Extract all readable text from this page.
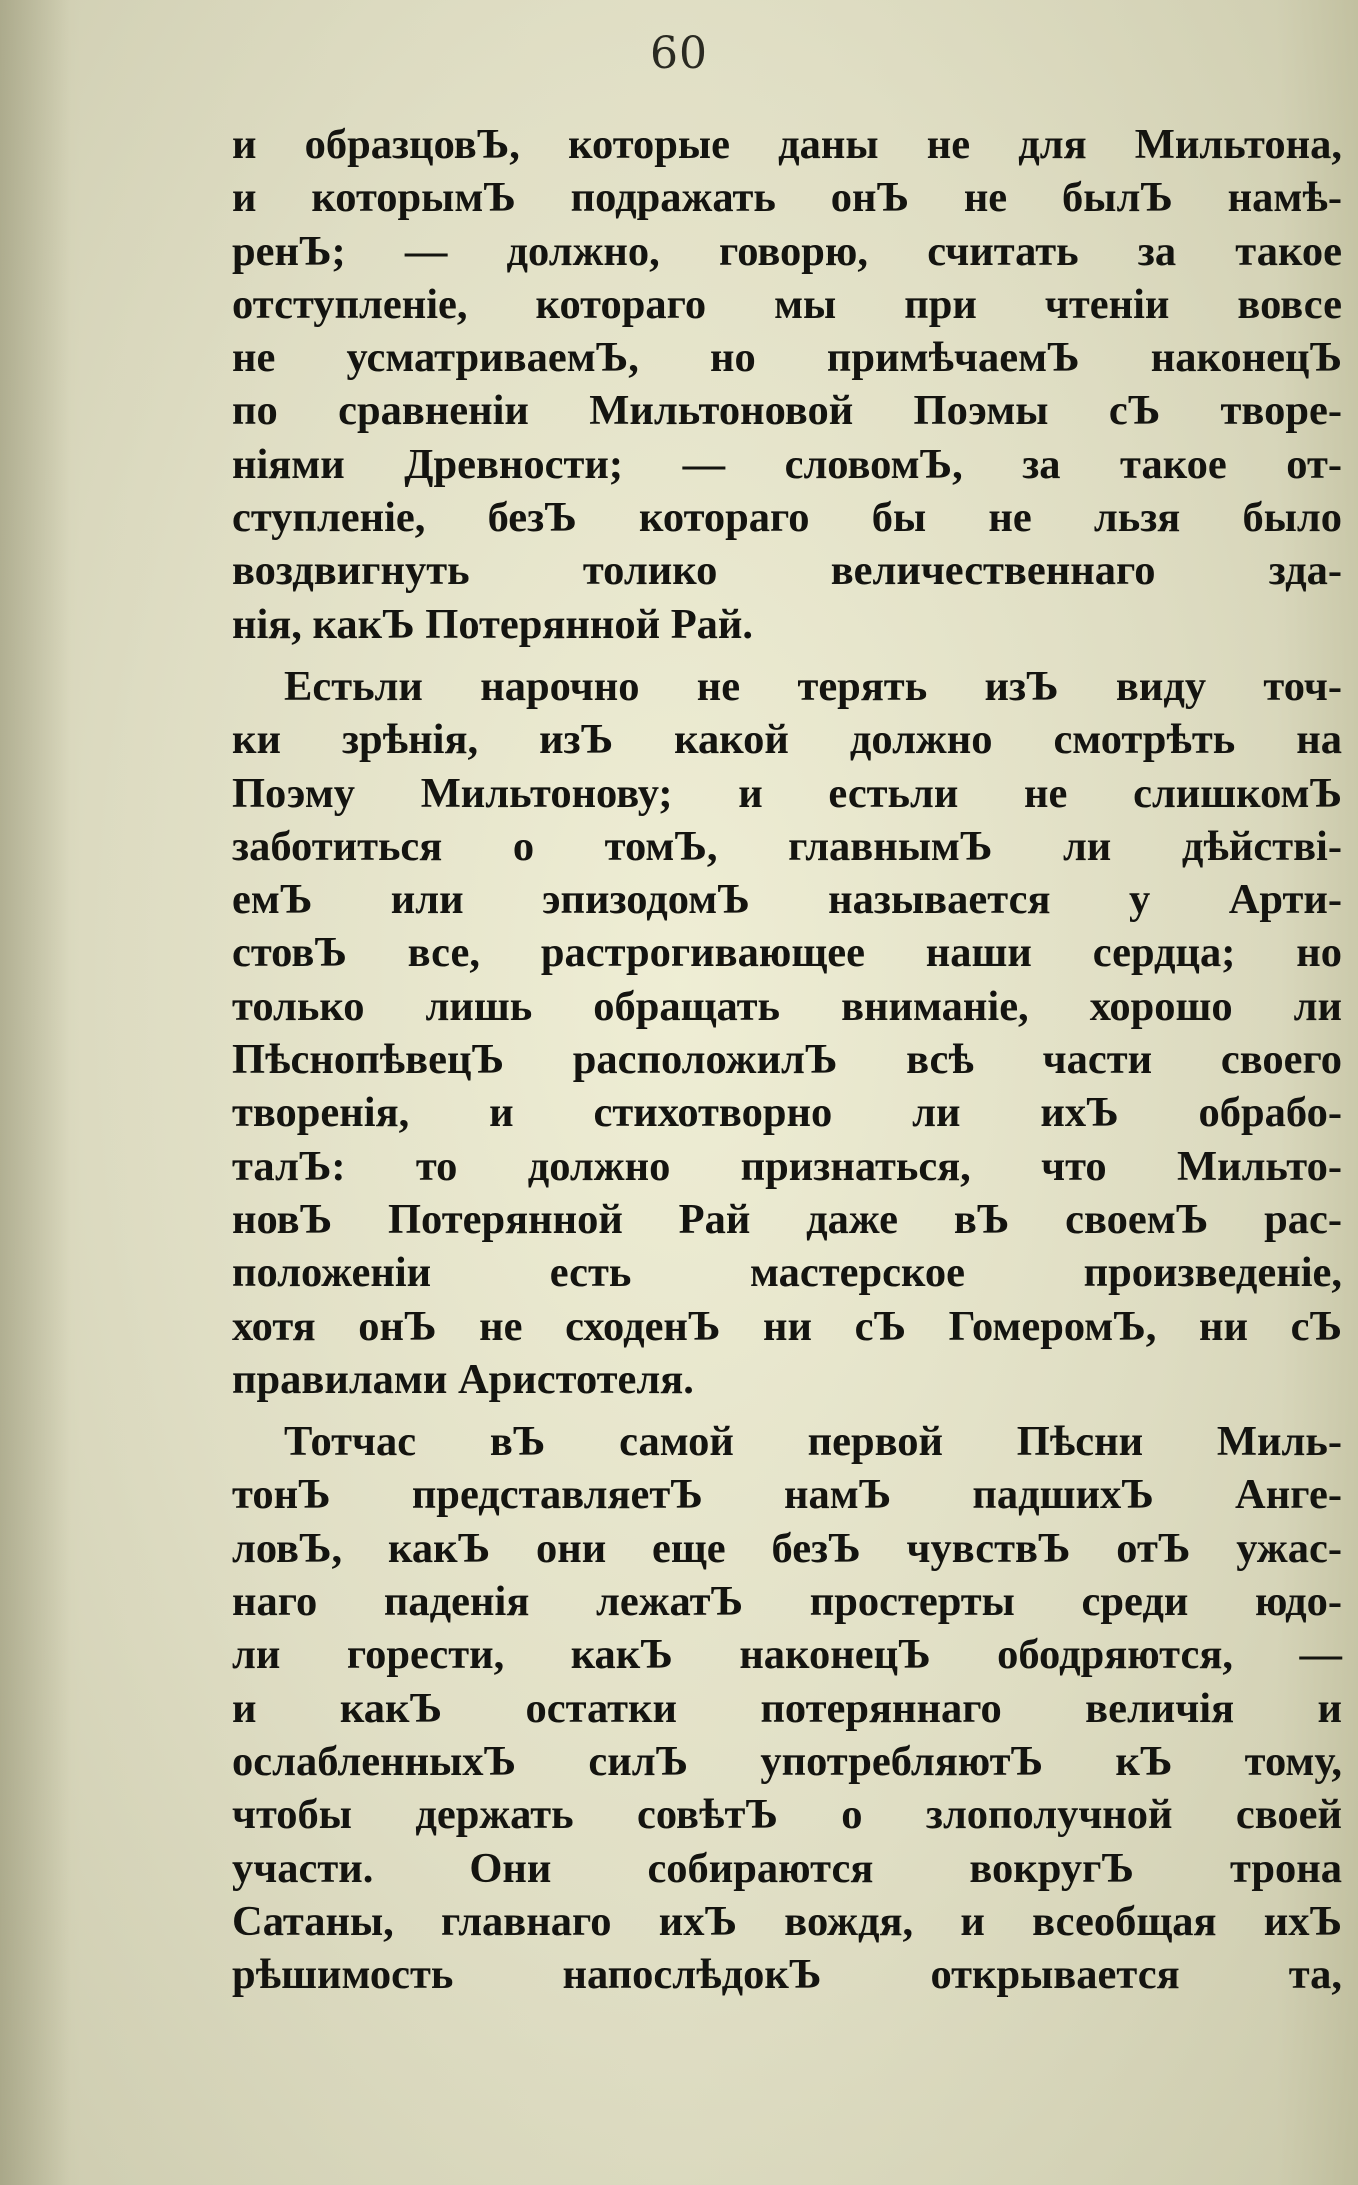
60
и образцовЪ, которые даны не для Мильтона,
и которымЪ подражать онЪ не былЪ намѣ-
ренЪ; — должно, говорю, считать за такое
отступленіе, котораго мы при чтеніи вовсе
не усматриваемЪ, но примѣчаемЪ наконецЪ
по сравненіи Мильтоновой Поэмы сЪ творе-
ніями Древности; — словомЪ, за такое от-
ступленіе, безЪ котораго бы не льзя было
воздвигнуть толико величественнаго зда-
нія, какЪ Потерянной Рай.
Естьли нарочно не терять изЪ виду точ-
ки зрѣнія, изЪ какой должно смотрѣть на
Поэму Мильтонову; и естьли не слишкомЪ
заботиться о томЪ, главнымЪ ли дѣйстві-
емЪ или эпизодомЪ называется у Арти-
стовЪ все, растрогивающее наши сердца; но
только лишь обращать вниманіе, хорошо ли
ПѣснопѣвецЪ расположилЪ всѣ части своего
творенія, и стихотворно ли ихЪ обрабо-
талЪ: то должно признаться, что Мильто-
новЪ Потерянной Рай даже вЪ своемЪ рас-
положеніи есть мастерское произведеніе,
хотя онЪ не сходенЪ ни сЪ ГомеромЪ, ни сЪ
правилами Аристотеля.
Тотчас вЪ самой первой Пѣсни Миль-
тонЪ представляетЪ намЪ падшихЪ Анге-
ловЪ, какЪ они еще безЪ чувствЪ отЪ ужас-
наго паденія лежатЪ простерты среди юдо-
ли горести, какЪ наконецЪ ободряются, —
и какЪ остатки потеряннаго величія и
ослабленныхЪ силЪ употребляютЪ кЪ тому,
чтобы держать совѣтЪ о злополучной своей
участи. Они собираются вокругЪ трона
Сатаны, главнаго ихЪ вождя, и всеобщая ихЪ
рѣшимость напослѣдокЪ открывается та,
